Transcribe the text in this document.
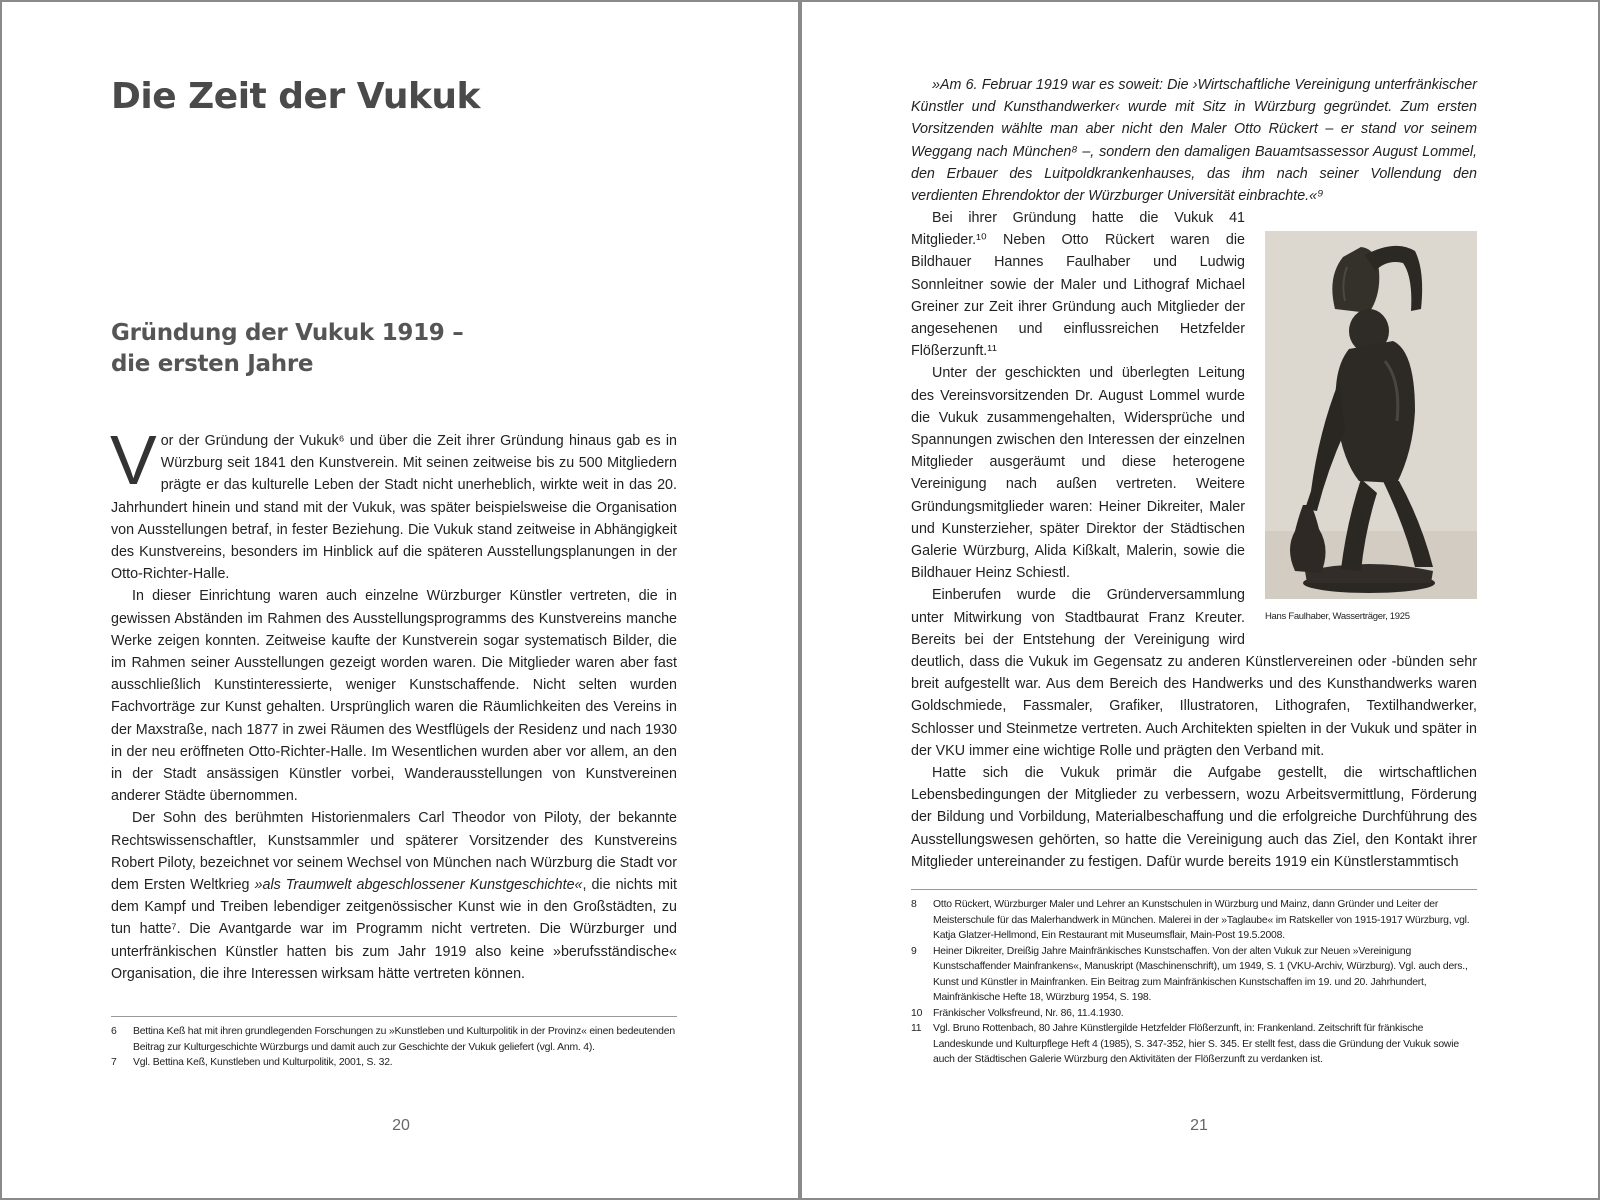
Die Zeit der Vukuk
Gründung der Vukuk 1919 –
die ersten Jahre

Vor der Gründung der Vukuk⁶ und über die Zeit ihrer Gründung hinaus gab es in Würzburg seit 1841 den Kunstverein. Mit seinen zeitweise bis zu 500 Mitgliedern prägte er das kulturelle Leben der Stadt nicht unerheblich, wirkte weit in das 20. Jahrhundert hinein und stand mit der Vukuk, was später beispielsweise die Organisation von Ausstellungen betraf, in fester Beziehung. Die Vukuk stand zeitweise in Abhängigkeit des Kunstvereins, besonders im Hinblick auf die späteren Ausstellungsplanungen in der Otto-Richter-Halle.

In dieser Einrichtung waren auch einzelne Würzburger Künstler vertreten, die in gewissen Abständen im Rahmen des Ausstellungsprogramms des Kunstvereins manche Werke zeigen konnten. Zeitweise kaufte der Kunstverein sogar systematisch Bilder, die im Rahmen seiner Ausstellungen gezeigt worden waren. Die Mitglieder waren aber fast ausschließlich Kunstinteressierte, weniger Kunstschaffende. Nicht selten wurden Fachvorträge zur Kunst gehalten. Ursprünglich waren die Räumlichkeiten des Vereins in der Maxstraße, nach 1877 in zwei Räumen des Westflügels der Residenz und nach 1930 in der neu eröffneten Otto-Richter-Halle. Im Wesentlichen wurden aber vor allem, an den in der Stadt ansässigen Künstler vorbei, Wanderausstellungen von Kunstvereinen anderer Städte übernommen.

Der Sohn des berühmten Historienmalers Carl Theodor von Piloty, der bekannte Rechtswissenschaftler, Kunstsammler und späterer Vorsitzender des Kunstvereins Robert Piloty, bezeichnet vor seinem Wechsel von München nach Würzburg die Stadt vor dem Ersten Weltkrieg »als Traumwelt abgeschlossener Kunstgeschichte«, die nichts mit dem Kampf und Treiben lebendiger zeitgenössischer Kunst wie in den Großstädten, zu tun hatte⁷. Die Avantgarde war im Programm nicht vertreten. Die Würzburger und unterfränkischen Künstler hatten bis zum Jahr 1919 also keine »berufsständische« Organisation, die ihre Interessen wirksam hätte vertreten können.

6	Bettina Keß hat mit ihren grundlegenden Forschungen zu »Kunstleben und Kulturpolitik in der Provinz« einen bedeutenden Beitrag zur Kulturgeschichte Würzburgs und damit auch zur Geschichte der Vukuk geliefert (vgl. Anm. 4).
7	Vgl. Bettina Keß, Kunstleben und Kulturpolitik, 2001, S. 32.
20

»Am 6. Februar 1919 war es soweit: Die ›Wirtschaftliche Vereinigung unterfränkischer Künstler und Kunsthandwerker‹ wurde mit Sitz in Würzburg gegründet. Zum ersten Vorsitzenden wählte man aber nicht den Maler Otto Rückert – er stand vor seinem Weggang nach München⁸ –, sondern den damaligen Bauamtsassessor August Lommel, den Erbauer des Luitpoldkrankenhauses, das ihm nach seiner Vollendung den verdienten Ehrendoktor der Würzburger Universität einbrachte.«⁹

Hans Faulhaber, Wasserträger, 1925

Bei ihrer Gründung hatte die Vukuk 41 Mitglieder.¹⁰ Neben Otto Rückert waren die Bildhauer Hannes Faulhaber und Ludwig Sonnleitner sowie der Maler und Lithograf Michael Greiner zur Zeit ihrer Gründung auch Mitglieder der angesehenen und einflussreichen Hetzfelder Flößerzunft.¹¹

Unter der geschickten und überlegten Leitung des Vereinsvorsitzenden Dr. August Lommel wurde die Vukuk zusammengehalten, Widersprüche und Spannungen zwischen den Interessen der einzelnen Mitglieder ausgeräumt und diese heterogene Vereinigung nach außen vertreten. Weitere Gründungsmitglieder waren: Heiner Dikreiter, Maler und Kunsterzieher, später Direktor der Städtischen Galerie Würzburg, Alida Kißkalt, Malerin, sowie die Bildhauer Heinz Schiestl.

Einberufen wurde die Gründerversammlung unter Mitwirkung von Stadtbaurat Franz Kreuter. Bereits bei der Entstehung der Vereinigung wird deutlich, dass die Vukuk im Gegensatz zu anderen Künstlervereinen oder -bünden sehr breit aufgestellt war. Aus dem Bereich des Handwerks und des Kunsthandwerks waren Goldschmiede, Fassmaler, Grafiker, Illustratoren, Lithografen, Textilhandwerker, Schlosser und Steinmetze vertreten. Auch Architekten spielten in der Vukuk und später in der VKU immer eine wichtige Rolle und prägten den Verband mit.

Hatte sich die Vukuk primär die Aufgabe gestellt, die wirtschaftlichen Lebensbedingungen der Mitglieder zu verbessern, wozu Arbeitsvermittlung, Förderung der Bildung und Vorbildung, Materialbeschaffung und die erfolgreiche Durchführung des Ausstellungswesen gehörten, so hatte die Vereinigung auch das Ziel, den Kontakt ihrer Mitglieder untereinander zu festigen. Dafür wurde bereits 1919 ein Künstlerstammtisch

8	Otto Rückert, Würzburger Maler und Lehrer an Kunstschulen in Würzburg und Mainz, dann Gründer und Leiter der Meisterschule für das Malerhandwerk in München. Malerei in der »Taglaube« im Ratskeller von 1915-1917 Würzburg, vgl. Katja Glatzer-Hellmond, Ein Restaurant mit Museumsflair, Main-Post 19.5.2008.
9	Heiner Dikreiter, Dreißig Jahre Mainfränkisches Kunstschaffen. Von der alten Vukuk zur Neuen »Vereinigung Kunstschaffender Mainfrankens«, Manuskript (Maschinenschrift), um 1949, S. 1 (VKU-Archiv, Würzburg). Vgl. auch ders., Kunst und Künstler in Mainfranken. Ein Beitrag zum Mainfränkischen Kunstschaffen im 19. und 20. Jahrhundert, Mainfränkische Hefte 18, Würzburg 1954, S. 198.
10	Fränkischer Volksfreund, Nr. 86, 11.4.1930.
11	Vgl. Bruno Rottenbach, 80 Jahre Künstlergilde Hetzfelder Flößerzunft, in: Frankenland. Zeitschrift für fränkische Landeskunde und Kulturpflege Heft 4 (1985), S. 347-352, hier S. 345. Er stellt fest, dass die Gründung der Vukuk sowie auch der Städtischen Galerie Würzburg den Aktivitäten der Flößerzunft zu verdanken ist.
21
